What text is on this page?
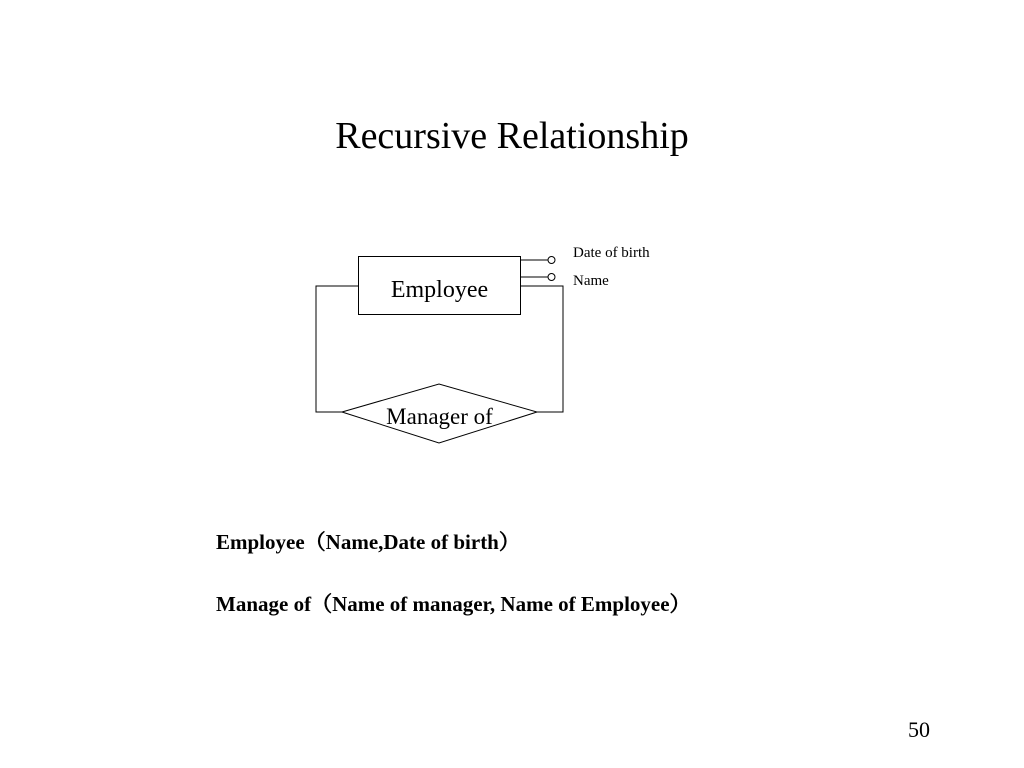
Recursive Relationship
Employee
Manager of
Date of birth
Name
Employee（Name,Date of birth）
Manage of（Name of manager, Name of Employee）
50
